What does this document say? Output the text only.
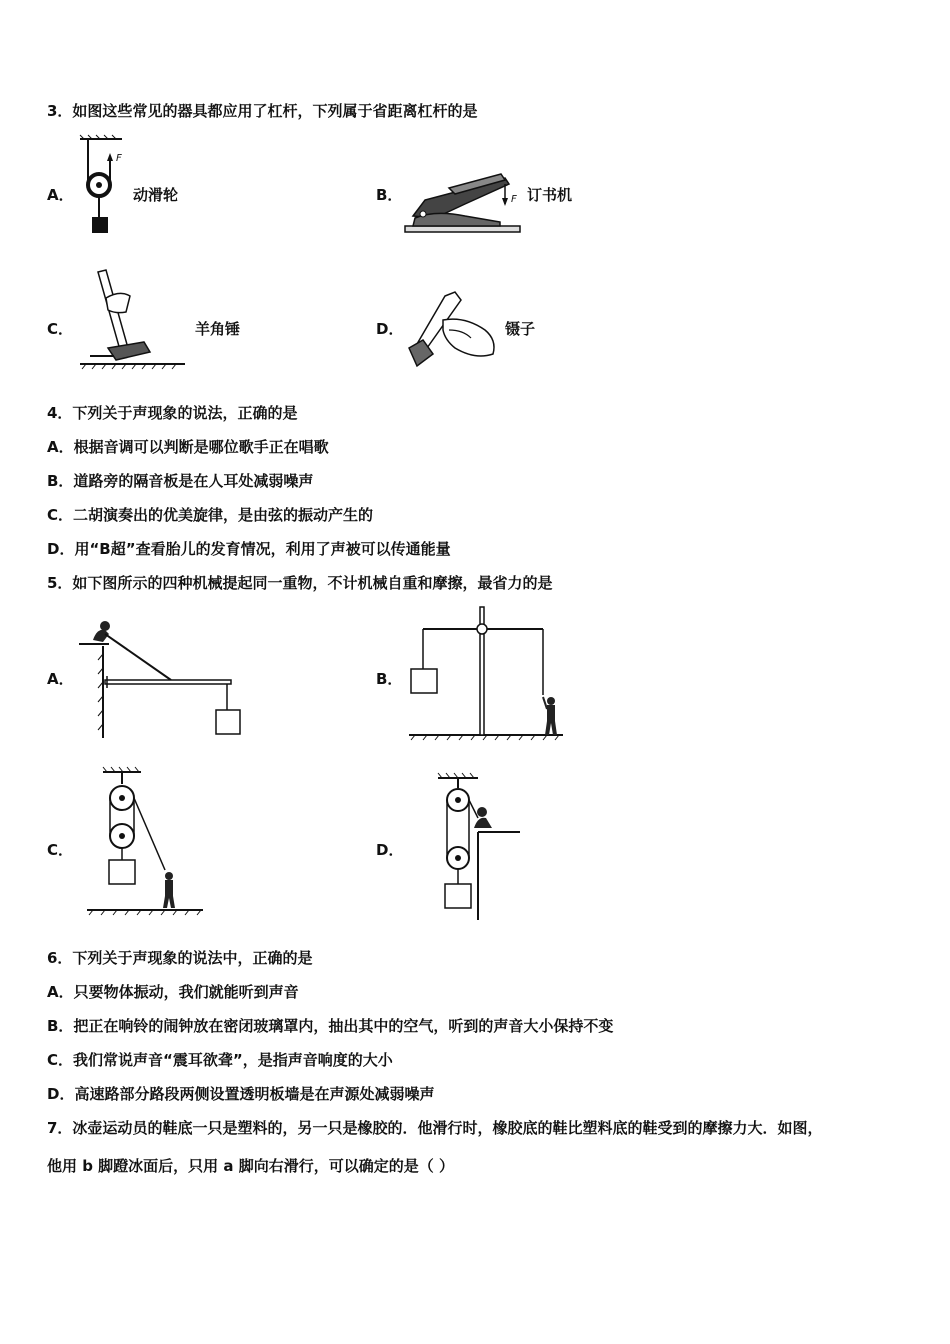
3．如图这些常见的器具都应用了杠杆，下列属于省距离杠杆的是
A．
F
动滑轮	B．	F 订书机
C．	羊角锤	D．	镊子
4．下列关于声现象的说法，正确的是
A．根据音调可以判断是哪位歌手正在唱歌
B．道路旁的隔音板是在人耳处减弱噪声
C．二胡演奏出的优美旋律，是由弦的振动产生的
D．用“B超”查看胎儿的发育情况，利用了声被可以传通能量
5．如下图所示的四种机械提起同一重物，不计机械自重和摩擦，最省力的是
A．	B．
C．	D．
6．下列关于声现象的说法中，正确的是
A．只要物体振动，我们就能听到声音
B．把正在响铃的闹钟放在密闭玻璃罩内，抽出其中的空气，听到的声音大小保持不变
C．我们常说声音“震耳欲聋”，是指声音响度的大小
D．高速路部分路段两侧设置透明板墙是在声源处减弱噪声
7．冰壶运动员的鞋底一只是塑料的，另一只是橡胶的．他滑行时，橡胶底的鞋比塑料底的鞋受到的摩擦力大．如图，
他用 b 脚蹬冰面后，只用 a 脚向右滑行，可以确定的是（ ）
